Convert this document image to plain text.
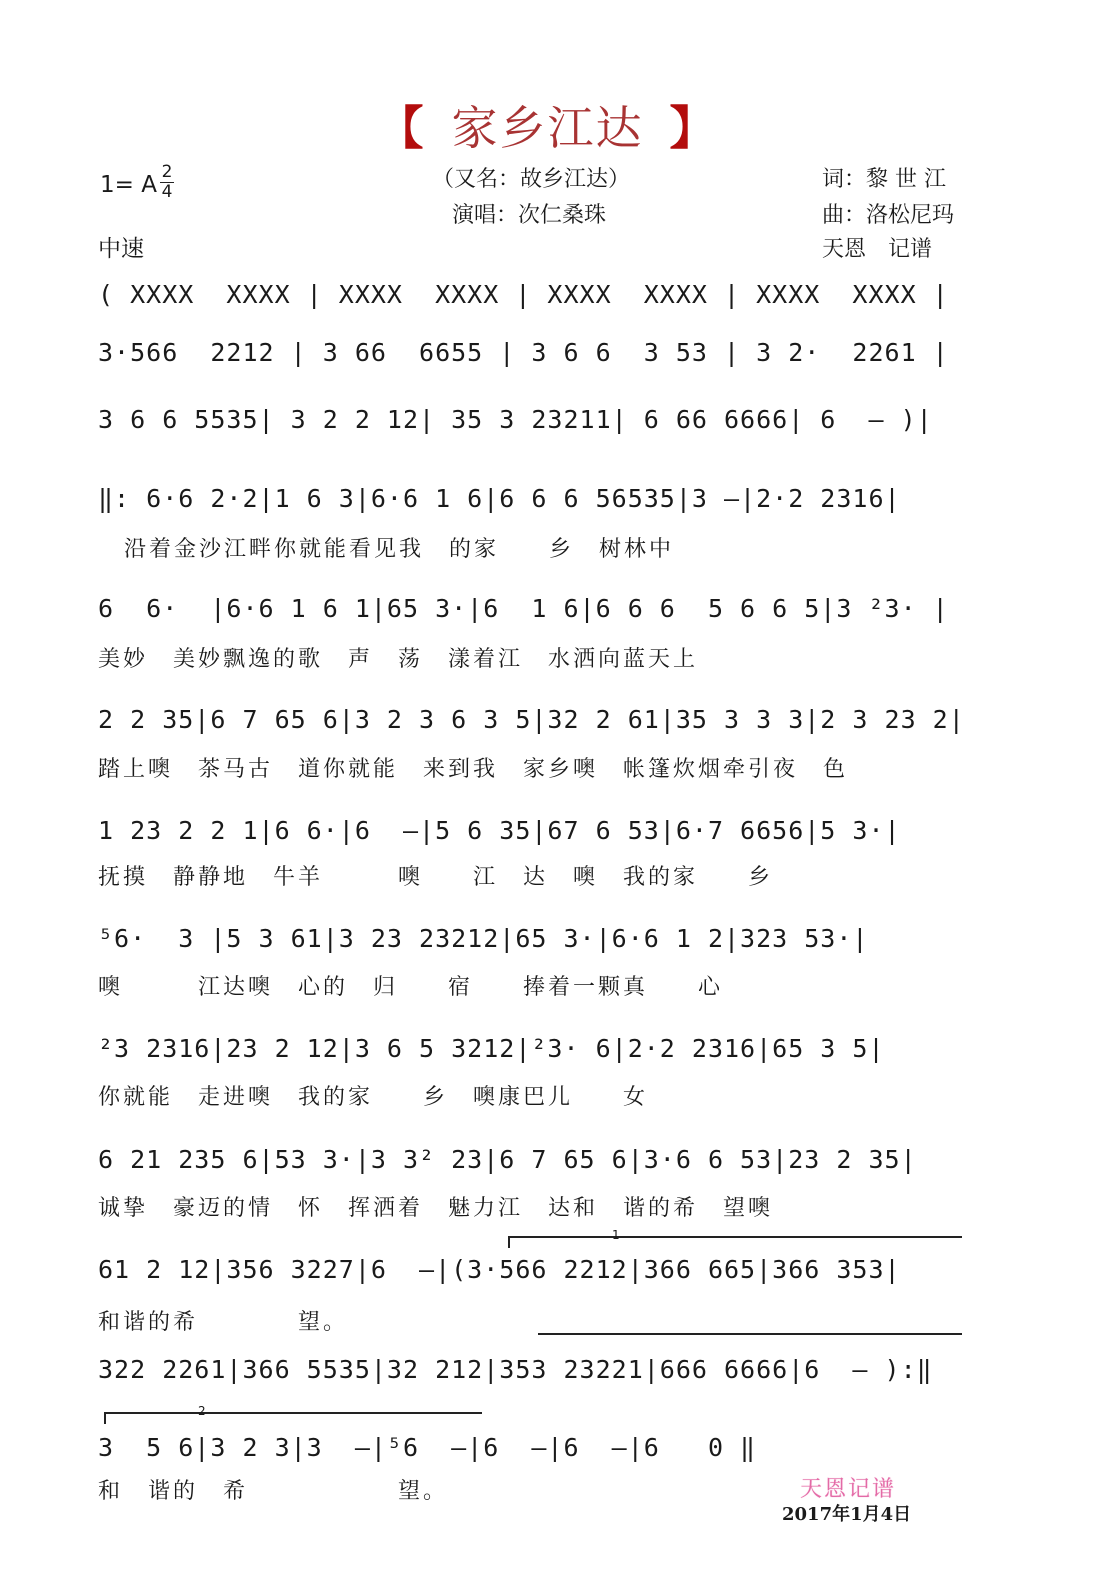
【 家乡江达 】
（又名：故乡江达）
演唱：次仁桑珠
词：黎 世 江
曲：洛松尼玛
天恩　记谱
1= A 2
4
中速
( XXXX  XXXX | XXXX  XXXX | XXXX  XXXX | XXXX  XXXX |
3·566  2212 | 3 66  6655 | 3 6 6  3 53 | 3 2·  2261 |
3 6 6 5535| 3 2 2 12| 35 3 23211| 6 66 6666| 6  – )|
‖: 6·6 2·2|1 6 3|6·6 1 6|6 6 6 56535|3 –|2·2 2316|
沿着金沙江畔你就能看见我　的家　　乡　树林中
6  6·  |6·6 1 6 1|65 3·|6  1 6|6 6 6  5 6 6 5|3 ²3· |
美妙　美妙飘逸的歌　声　荡　漾着江　水洒向蓝天上
2 2 35|6 7 65 6|3 2 3 6 3 5|32 2 61|35 3 3 3|2 3 23 2|
踏上噢　茶马古　道你就能　来到我　家乡噢　帐篷炊烟牵引夜　色
1 23 2 2 1|6 6·|6  –|5 6 35|67 6 53|6·7 6656|5 3·|
抚摸　静静地　牛羊　　　噢　　江　达　噢　我的家　　乡
⁵6·  3 |5 3 61|3 23 23212|65 3·|6·6 1 2|323 53·|
噢　　　江达噢　心的　归　　宿　　捧着一颗真　　心
²3 2316|23 2 12|3 6 5 3212|²3· 6|2·2 2316|65 3 5|
你就能　走进噢　我的家　　乡　噢康巴儿　　女
6 21 235 6|53 3·|3 3² 23|6 7 65 6|3·6 6 53|23 2 35|
诚挚　豪迈的情　怀　挥洒着　魅力江　达和　谐的希　望噢
1
61 2 12|356 3227|6  –|(3·566 2212|366 665|366 353|
和谐的希　　　　望。
322 2261|366 5535|32 212|353 23221|666 6666|6  – ):‖
2
3  5 6|3 2 3|3  –|⁵6  –|6  –|6  –|6   0 ‖
和　谐的　希　　　　　　望。	天恩记谱
2017年1月4日
